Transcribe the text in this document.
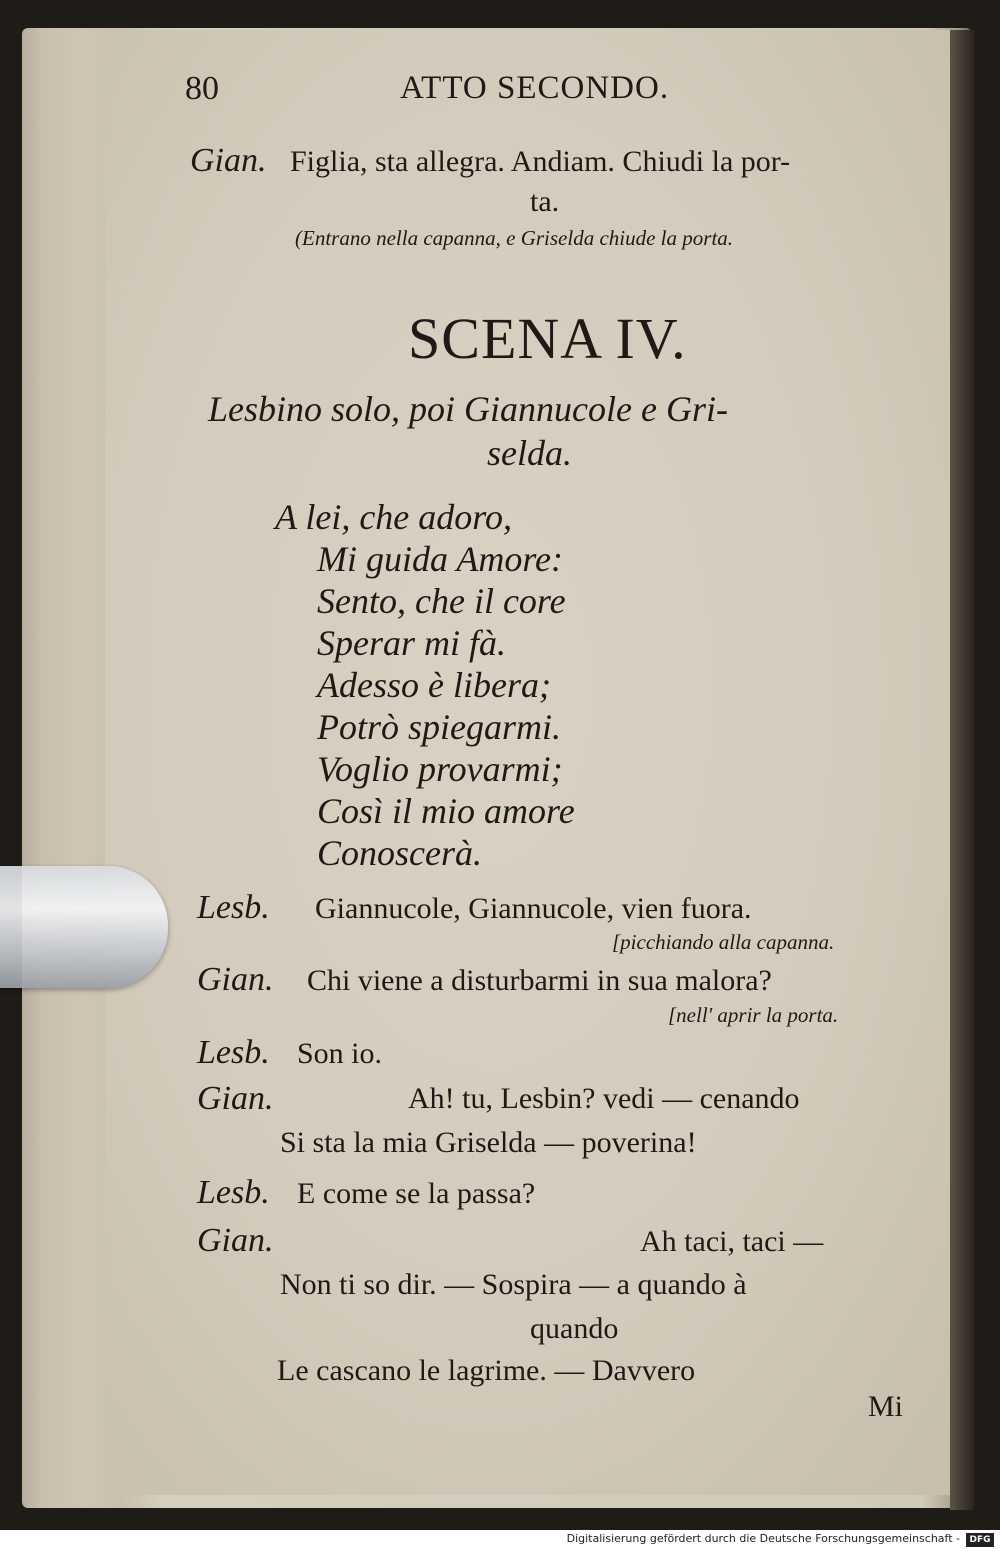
80	ATTO SECONDO.
Gian. Figlia, sta allegra. Andiam. Chiudi la por-
ta.
(Entrano nella capanna, e Griselda chiude la porta.
SCENA IV.
Lesbino solo, poi Giannucole e Gri-
selda.
A lei, che adoro,
Mi guida Amore:
Sento, che il core
Sperar mi fà.
Adesso è libera;
Potrò spiegarmi.
Voglio provarmi;
Così il mio amore
Conoscerà.
Lesb. Giannucole, Giannucole, vien fuora.
[picchiando alla capanna.
Gian. Chi viene a disturbarmi in sua malora?
[nell' aprir la porta.
Lesb. Son io.
Gian.	Ah! tu, Lesbin? vedi — cenando
Si sta la mia Griselda — poverina!
Lesb. E come se la passa?
Gian.	Ah taci, taci —
Non ti so dir. — Sospira — a quando à
quando
Le cascano le lagrime. — Davvero
Mi
Digitalisierung gefördert durch die Deutsche Forschungsgemeinschaft -	DFG
